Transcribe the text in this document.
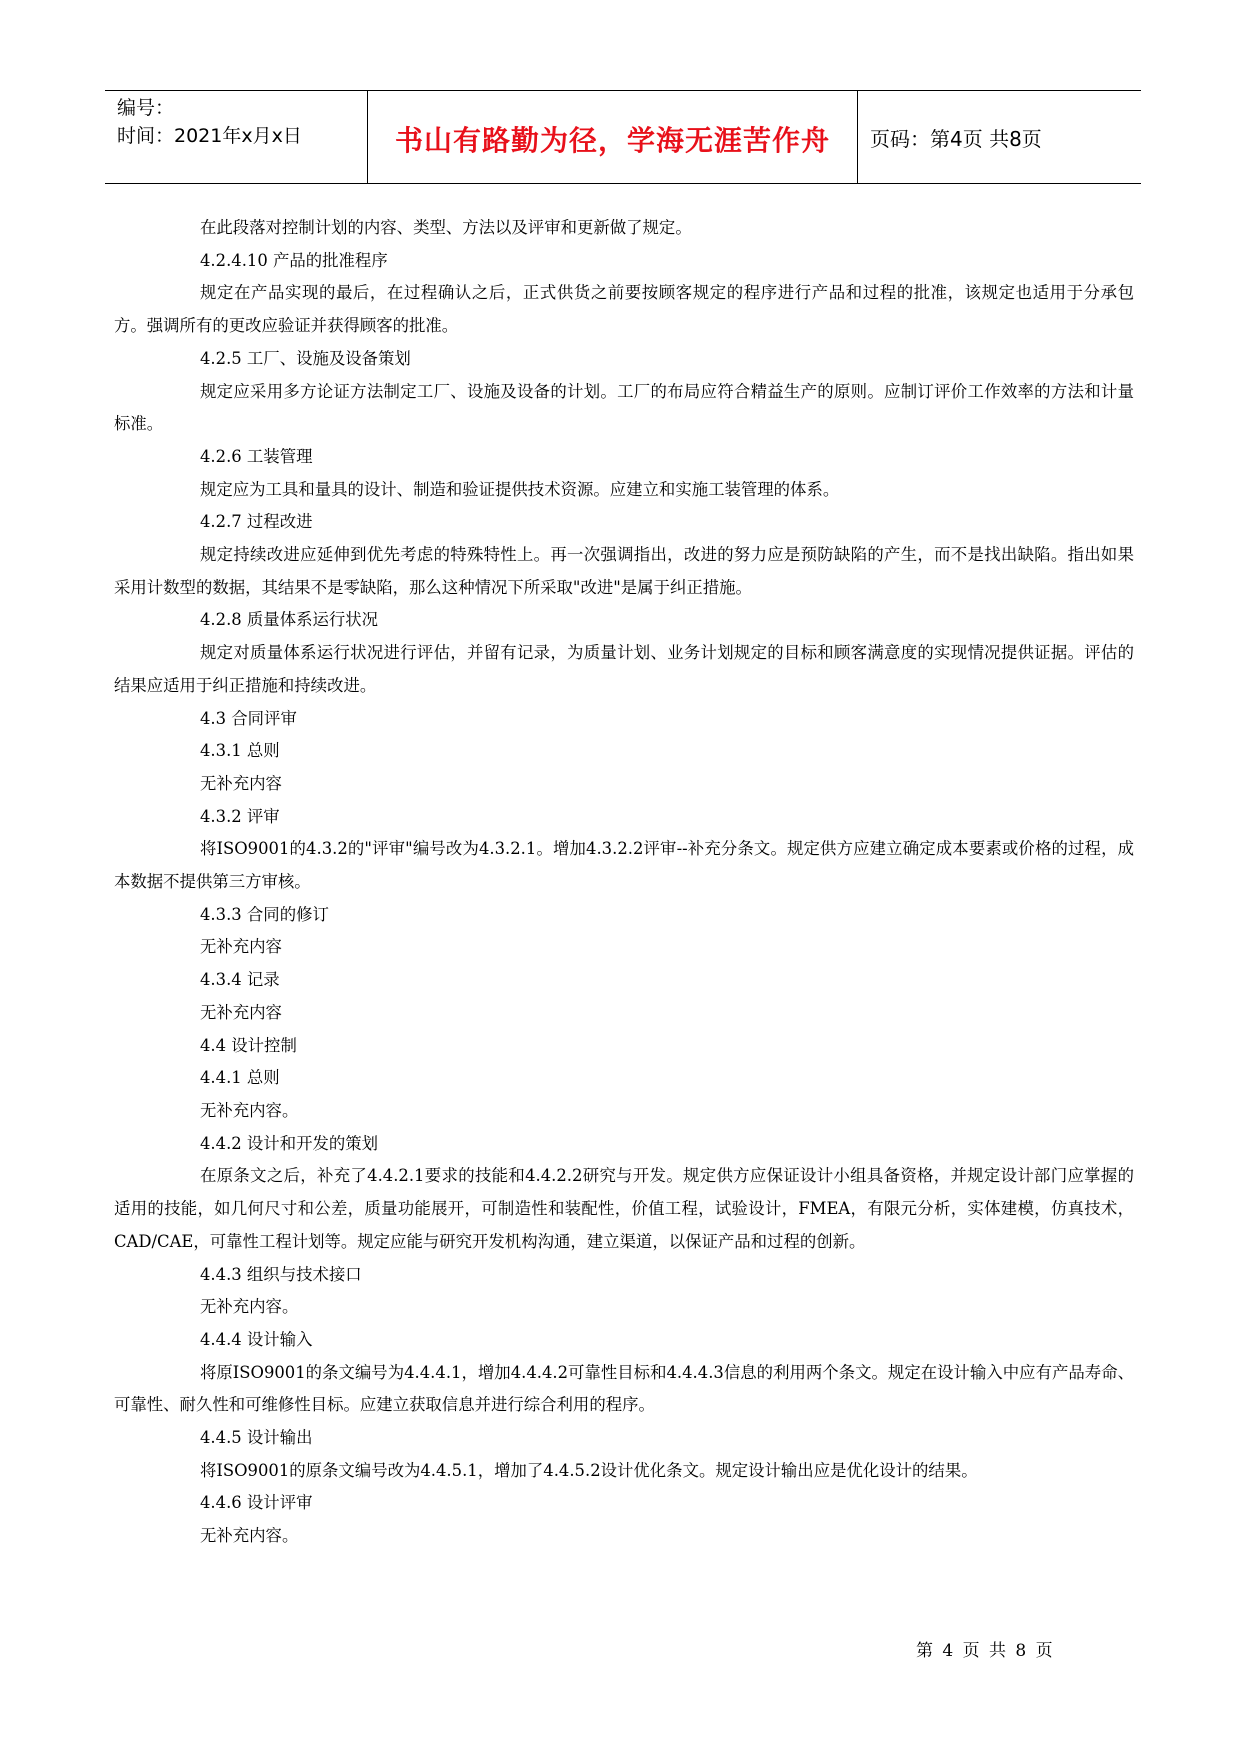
编号：
时间：2021年x月x日	书山有路勤为径，学海无涯苦作舟	页码：第4页 共8页

在此段落对控制计划的内容、类型、方法以及评审和更新做了规定。

4.2.4.10 产品的批准程序

规定在产品实现的最后，在过程确认之后，正式供货之前要按顾客规定的程序进行产品和过程的批准，该规定也适用于分承包方。强调所有的更改应验证并获得顾客的批准。

4.2.5 工厂、设施及设备策划

规定应采用多方论证方法制定工厂、设施及设备的计划。工厂的布局应符合精益生产的原则。应制订评价工作效率的方法和计量标准。

4.2.6 工装管理

规定应为工具和量具的设计、制造和验证提供技术资源。应建立和实施工装管理的体系。

4.2.7 过程改进

规定持续改进应延伸到优先考虑的特殊特性上。再一次强调指出，改进的努力应是预防缺陷的产生，而不是找出缺陷。指出如果采用计数型的数据，其结果不是零缺陷，那么这种情况下所采取"改进"是属于纠正措施。

4.2.8 质量体系运行状况

规定对质量体系运行状况进行评估，并留有记录，为质量计划、业务计划规定的目标和顾客满意度的实现情况提供证据。评估的结果应适用于纠正措施和持续改进。

4.3 合同评审

4.3.1 总则

无补充内容

4.3.2 评审

将ISO9001的4.3.2的"评审"编号改为4.3.2.1。增加4.3.2.2评审--补充分条文。规定供方应建立确定成本要素或价格的过程，成本数据不提供第三方审核。

4.3.3 合同的修订

无补充内容

4.3.4 记录

无补充内容

4.4 设计控制

4.4.1 总则

无补充内容。

4.4.2 设计和开发的策划

在原条文之后，补充了4.4.2.1要求的技能和4.4.2.2研究与开发。规定供方应保证设计小组具备资格，并规定设计部门应掌握的适用的技能，如几何尺寸和公差，质量功能展开，可制造性和装配性，价值工程，试验设计，FMEA，有限元分析，实体建模，仿真技术，CAD/CAE，可靠性工程计划等。规定应能与研究开发机构沟通，建立渠道，以保证产品和过程的创新。

4.4.3 组织与技术接口

无补充内容。

4.4.4 设计输入

将原ISO9001的条文编号为4.4.4.1，增加4.4.4.2可靠性目标和4.4.4.3信息的利用两个条文。规定在设计输入中应有产品寿命、可靠性、耐久性和可维修性目标。应建立获取信息并进行综合利用的程序。

4.4.5 设计输出

将ISO9001的原条文编号改为4.4.5.1，增加了4.4.5.2设计优化条文。规定设计输出应是优化设计的结果。

4.4.6 设计评审

无补充内容。

第 4 页 共 8 页
